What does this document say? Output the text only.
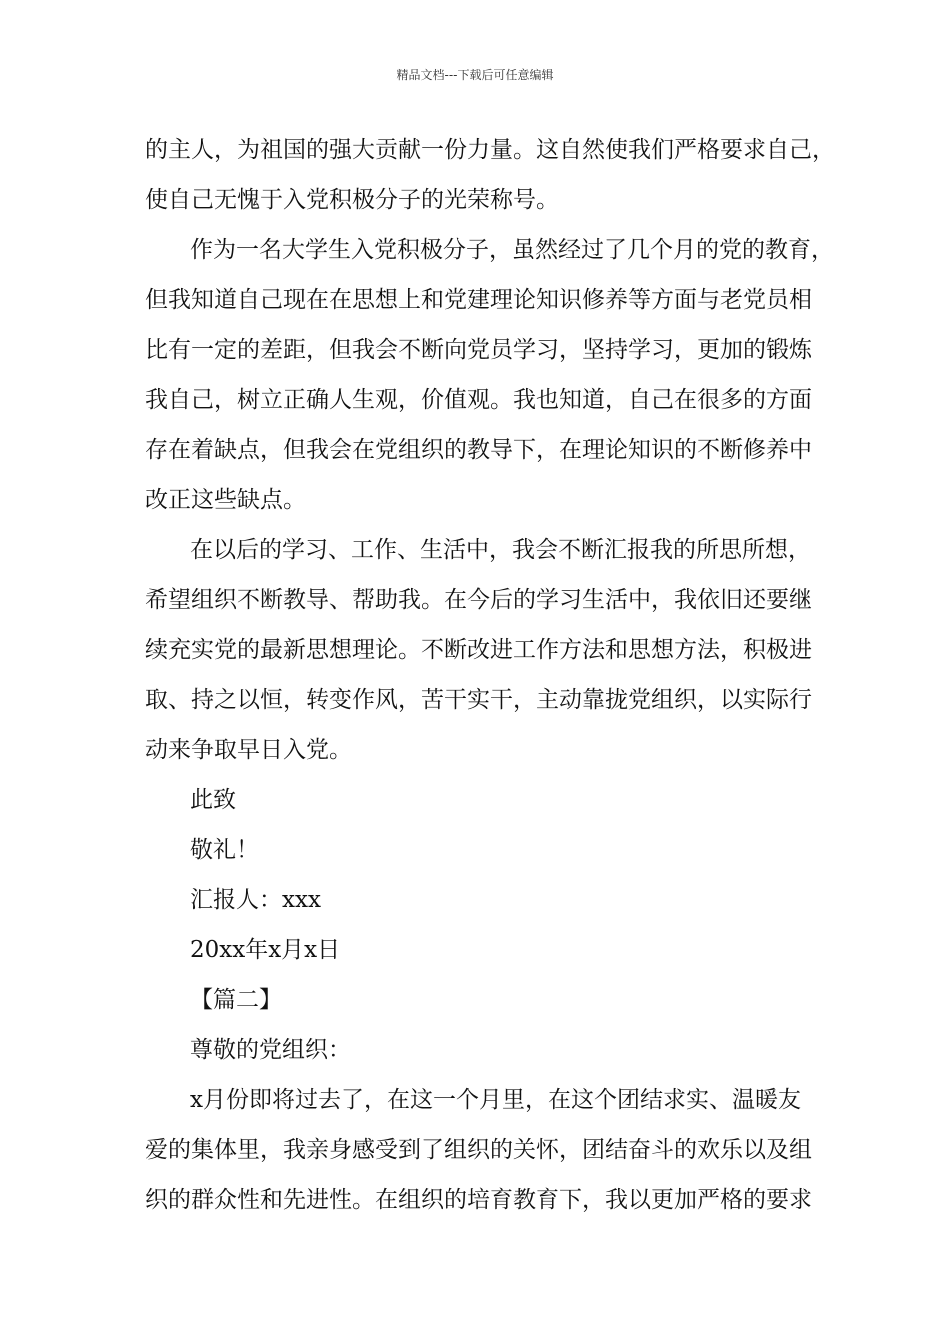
精品文档---下载后可任意编辑
的主人，为祖国的强大贡献一份力量。这自然使我们严格要求自己，
使自己无愧于入党积极分子的光荣称号。
作为一名大学生入党积极分子，虽然经过了几个月的党的教育，
但我知道自己现在在思想上和党建理论知识修养等方面与老党员相
比有一定的差距，但我会不断向党员学习，坚持学习，更加的锻炼
我自己，树立正确人生观，价值观。我也知道，自己在很多的方面
存在着缺点，但我会在党组织的教导下，在理论知识的不断修养中
改正这些缺点。
在以后的学习、工作、生活中，我会不断汇报我的所思所想，
希望组织不断教导、帮助我。在今后的学习生活中，我依旧还要继
续充实党的最新思想理论。不断改进工作方法和思想方法，积极进
取、持之以恒，转变作风，苦干实干，主动靠拢党组织，以实际行
动来争取早日入党。
此致
敬礼！
汇报人：xxx
20xx年x月x日
【篇二】
尊敬的党组织：
x月份即将过去了，在这一个月里，在这个团结求实、温暖友
爱的集体里，我亲身感受到了组织的关怀，团结奋斗的欢乐以及组
织的群众性和先进性。在组织的培育教育下，我以更加严格的要求
